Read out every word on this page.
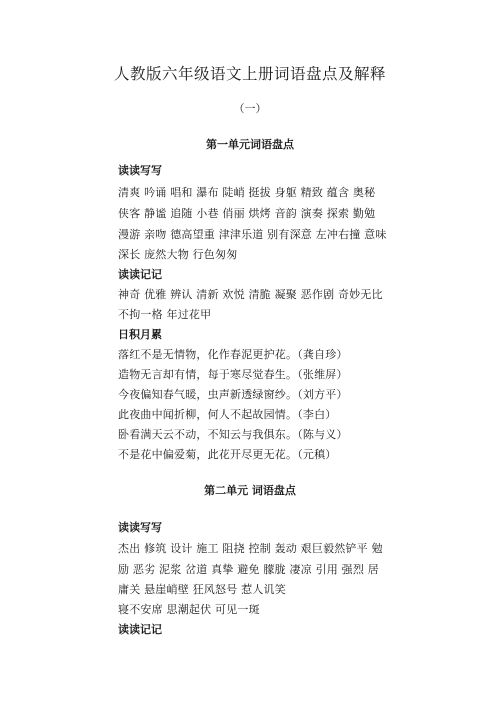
人教版六年级语文上册词语盘点及解释
（一）
第一单元词语盘点
读读写写
清爽 吟诵 唱和 瀑布 陡峭 挺拔 身躯 精致 蕴含 奥秘
侠客 静谧 追随 小巷 俏丽 烘烤 音韵 演奏 探索 勤勉
漫游 亲吻 德高望重 津津乐道 别有深意 左冲右撞 意味
深长 庞然大物 行色匆匆
读读记记
神奇 优雅 辨认 清新 欢悦 清脆 凝聚 恶作剧 奇妙无比
不拘一格 年过花甲
日积月累
落红不是无情物，化作春泥更护花。（龚自珍）
造物无言却有情，每于寒尽觉春生。（张维屏）
今夜偏知春气暖，虫声新透绿窗纱。（刘方平）
此夜曲中闻折柳，何人不起故园情。（李白）
卧看满天云不动，不知云与我俱东。（陈与义）
不是花中偏爱菊，此花开尽更无花。（元稹）
第二单元 词语盘点
读读写写
杰出 修筑 设计 施工 阻挠 控制 轰动 艰巨毅然铲平 勉
励 恶劣 泥浆 岔道 真挚 避免 朦胧 凄凉 引用 强烈 居
庸关 悬崖峭壁 狂风怒号 惹人讥笑
寝不安席 思潮起伏 可见一斑
读读记记
